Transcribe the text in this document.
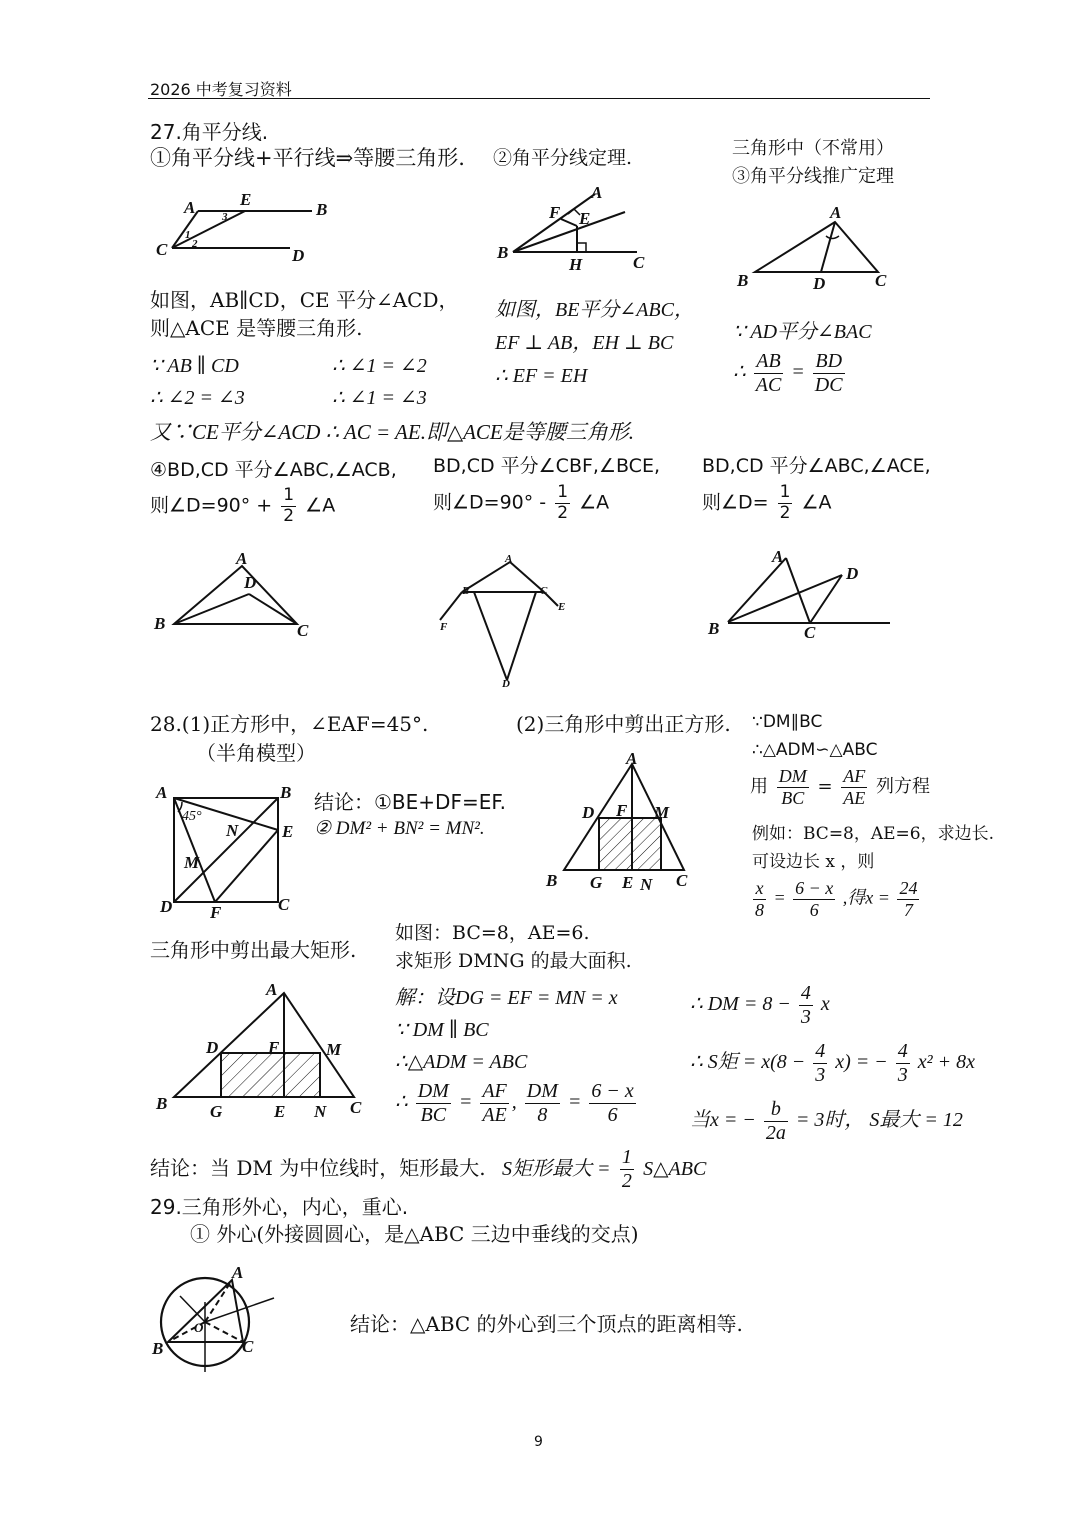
2026 中考复习资料
27.角平分线.
①角平分线+平行线⇒等腰三角形. ②角平分线定理.	三角形中（不常用）
③角平分线推广定理
A	E
B
C	D
1
2
3
A
F E
B
H	C
A
B	D	C
如图，AB∥CD，CE 平分∠ACD，
则△ACE 是等腰三角形.
∵ AB ∥ CD	∴ ∠1 = ∠2
∴ ∠2 = ∠3	∴ ∠1 = ∠3
又∵CE平分∠ACD ∴ AC = AE.即△ACE是等腰三角形.
如图，BE平分∠ABC，
EF ⊥ AB，EH ⊥ BC
∴ EF = EH
∵ AD平分∠BAC
∴ $\frac{AB}{AC} = \frac{BD}{DC}$
④BD,CD 平分∠ABC,∠ACB,
则∠D=90° + $\frac{1}{2}$ ∠A
BD,CD 平分∠CBF,∠BCE,
则∠D=90° - $\frac{1}{2}$ ∠A
BD,CD 平分∠ABC,∠ACE,
则∠D= $\frac{1}{2}$ ∠A
A
D
B	C
A
B	C
F
E
D
A
D
B	C
28.(1)正方形中，∠EAF=45°.
（半角模型）
(2)三角形中剪出正方形. ∵DM∥BC
∴△ADM∽△ABC
用 $\frac{DM}{BC} = \frac{AF}{AE}$ 列方程
例如：BC=8，AE=6，求边长.
可设边长 x ，则
$\frac{x}{8} = \frac{6 - x}{6}$ ,得$x = \frac{24}{7}$
45°
A	B
E
N
M
D F	C
结论：①BE+DF=EF.
② DM² + BN² = MN².
A
D F M
B G E N C
三角形中剪出最大矩形.
如图：BC=8，AE=6.
求矩形 DMNG 的最大面积.
解：设DG = EF = MN = x
∵ DM ∥ BC
∴△ADM = ABC
∴ $\frac{DM}{BC} = \frac{AF}{AE}$ , $\frac{DM}{8} = \frac{6 - x}{6}$
∴ DM = $8 - \frac{4}{3}$ x
∴ S矩 = $x(8 - \frac{4}{3} x)$ = − $\frac{4}{3} x^2 + 8x$
当x = − $\frac{b}{2a} = 3$时， S最大 = 12
A
D	F	M
B	G	E N C
结论：当 DM 为中位线时，矩形最大. S矩形最大 = $\frac{1}{2}$ S△ABC
29.三角形外心，内心，重心.
① 外心(外接圆圆心，是△ABC 三边中垂线的交点)
A
B	C
O	结论：△ABC 的外心到三个顶点的距离相等.
9
